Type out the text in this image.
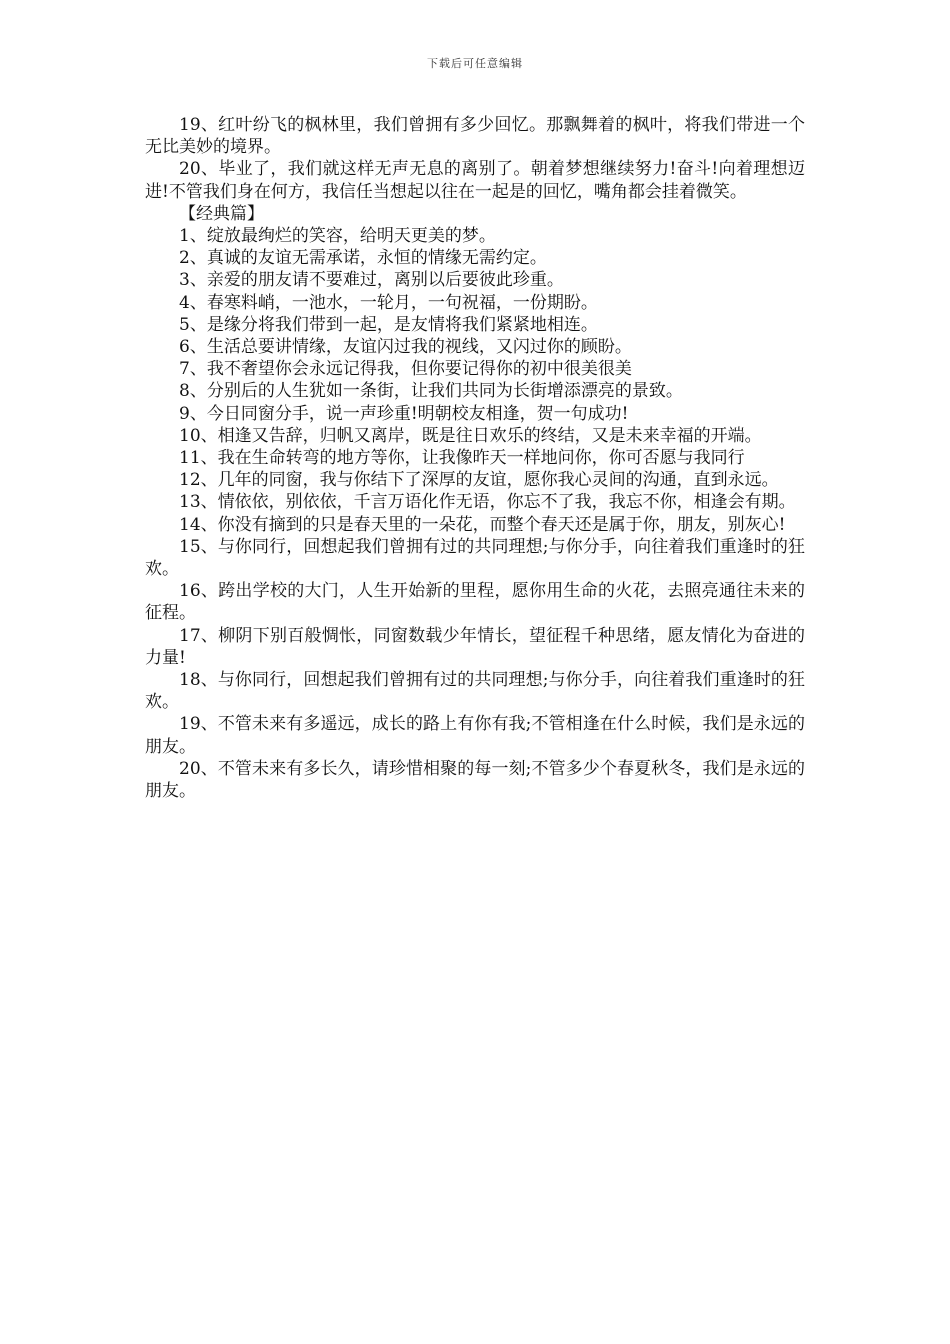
下载后可任意编辑

19、红叶纷飞的枫林里，我们曾拥有多少回忆。那飘舞着的枫叶，将我们带进一个无比美妙的境界。

20、毕业了，我们就这样无声无息的离别了。朝着梦想继续努力!奋斗!向着理想迈进!不管我们身在何方，我信任当想起以往在一起是的回忆，嘴角都会挂着微笑。

【经典篇】

1、绽放最绚烂的笑容，给明天更美的梦。

2、真诚的友谊无需承诺，永恒的情缘无需约定。

3、亲爱的朋友请不要难过，离别以后要彼此珍重。

4、春寒料峭，一池水，一轮月，一句祝福，一份期盼。

5、是缘分将我们带到一起，是友情将我们紧紧地相连。

6、生活总要讲情缘，友谊闪过我的视线，又闪过你的顾盼。

7、我不奢望你会永远记得我，但你要记得你的初中很美很美

8、分别后的人生犹如一条街，让我们共同为长街增添漂亮的景致。

9、今日同窗分手，说一声珍重!明朝校友相逢，贺一句成功!

10、相逢又告辞，归帆又离岸，既是往日欢乐的终结，又是未来幸福的开端。

11、我在生命转弯的地方等你，让我像昨天一样地问你，你可否愿与我同行

12、几年的同窗，我与你结下了深厚的友谊，愿你我心灵间的沟通，直到永远。

13、情依依，别依依，千言万语化作无语，你忘不了我，我忘不你，相逢会有期。

14、你没有摘到的只是春天里的一朵花，而整个春天还是属于你，朋友，别灰心!

15、与你同行，回想起我们曾拥有过的共同理想;与你分手，向往着我们重逢时的狂欢。

16、跨出学校的大门，人生开始新的里程，愿你用生命的火花，去照亮通往未来的征程。

17、柳阴下别百般惆怅，同窗数载少年情长，望征程千种思绪，愿友情化为奋进的力量!

18、与你同行，回想起我们曾拥有过的共同理想;与你分手，向往着我们重逢时的狂欢。

19、不管未来有多遥远，成长的路上有你有我;不管相逢在什么时候，我们是永远的朋友。

20、不管未来有多长久，请珍惜相聚的每一刻;不管多少个春夏秋冬，我们是永远的朋友。
